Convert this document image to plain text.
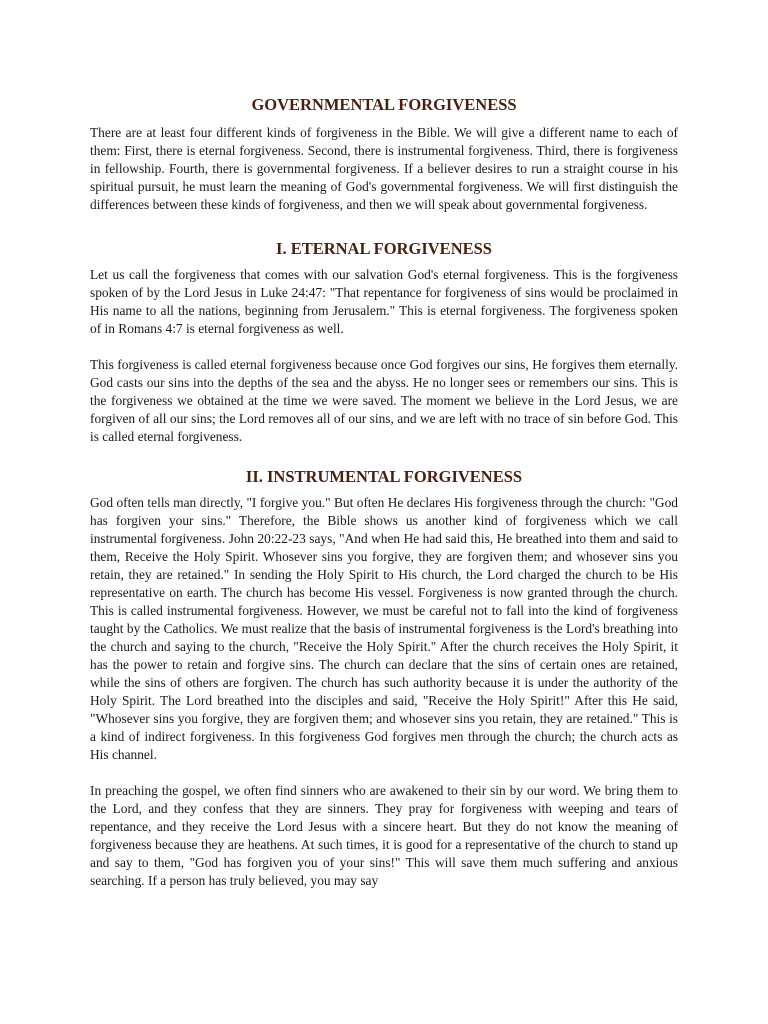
GOVERNMENTAL FORGIVENESS

There are at least four different kinds of forgiveness in the Bible. We will give a different name to each of them: First, there is eternal forgiveness. Second, there is instrumental forgiveness. Third, there is forgiveness in fellowship. Fourth, there is governmental forgiveness. If a believer desires to run a straight course in his spiritual pursuit, he must learn the meaning of God's governmental forgiveness. We will first distinguish the differences between these kinds of forgiveness, and then we will speak about governmental forgiveness.

I. ETERNAL FORGIVENESS

Let us call the forgiveness that comes with our salvation God's eternal forgiveness. This is the forgiveness spoken of by the Lord Jesus in Luke 24:47: "That repentance for forgiveness of sins would be proclaimed in His name to all the nations, beginning from Jerusalem." This is eternal forgiveness. The forgiveness spoken of in Romans 4:7 is eternal forgiveness as well.

This forgiveness is called eternal forgiveness because once God forgives our sins, He forgives them eternally. God casts our sins into the depths of the sea and the abyss. He no longer sees or remembers our sins. This is the forgiveness we obtained at the time we were saved. The moment we believe in the Lord Jesus, we are forgiven of all our sins; the Lord removes all of our sins, and we are left with no trace of sin before God. This is called eternal forgiveness.

II. INSTRUMENTAL FORGIVENESS

God often tells man directly, "I forgive you." But often He declares His forgiveness through the church: "God has forgiven your sins." Therefore, the Bible shows us another kind of forgiveness which we call instrumental forgiveness. John 20:22-23 says, "And when He had said this, He breathed into them and said to them, Receive the Holy Spirit. Whosever sins you forgive, they are forgiven them; and whosever sins you retain, they are retained." In sending the Holy Spirit to His church, the Lord charged the church to be His representative on earth. The church has become His vessel. Forgiveness is now granted through the church. This is called instrumental forgiveness. However, we must be careful not to fall into the kind of forgiveness taught by the Catholics. We must realize that the basis of instrumental forgiveness is the Lord's breathing into the church and saying to the church, "Receive the Holy Spirit." After the church receives the Holy Spirit, it has the power to retain and forgive sins. The church can declare that the sins of certain ones are retained, while the sins of others are forgiven. The church has such authority because it is under the authority of the Holy Spirit. The Lord breathed into the disciples and said, "Receive the Holy Spirit!" After this He said, "Whosever sins you forgive, they are forgiven them; and whosever sins you retain, they are retained." This is a kind of indirect forgiveness. In this forgiveness God forgives men through the church; the church acts as His channel.

In preaching the gospel, we often find sinners who are awakened to their sin by our word. We bring them to the Lord, and they confess that they are sinners. They pray for forgiveness with weeping and tears of repentance, and they receive the Lord Jesus with a sincere heart. But they do not know the meaning of forgiveness because they are heathens. At such times, it is good for a representative of the church to stand up and say to them, "God has forgiven you of your sins!" This will save them much suffering and anxious searching. If a person has truly believed, you may say
